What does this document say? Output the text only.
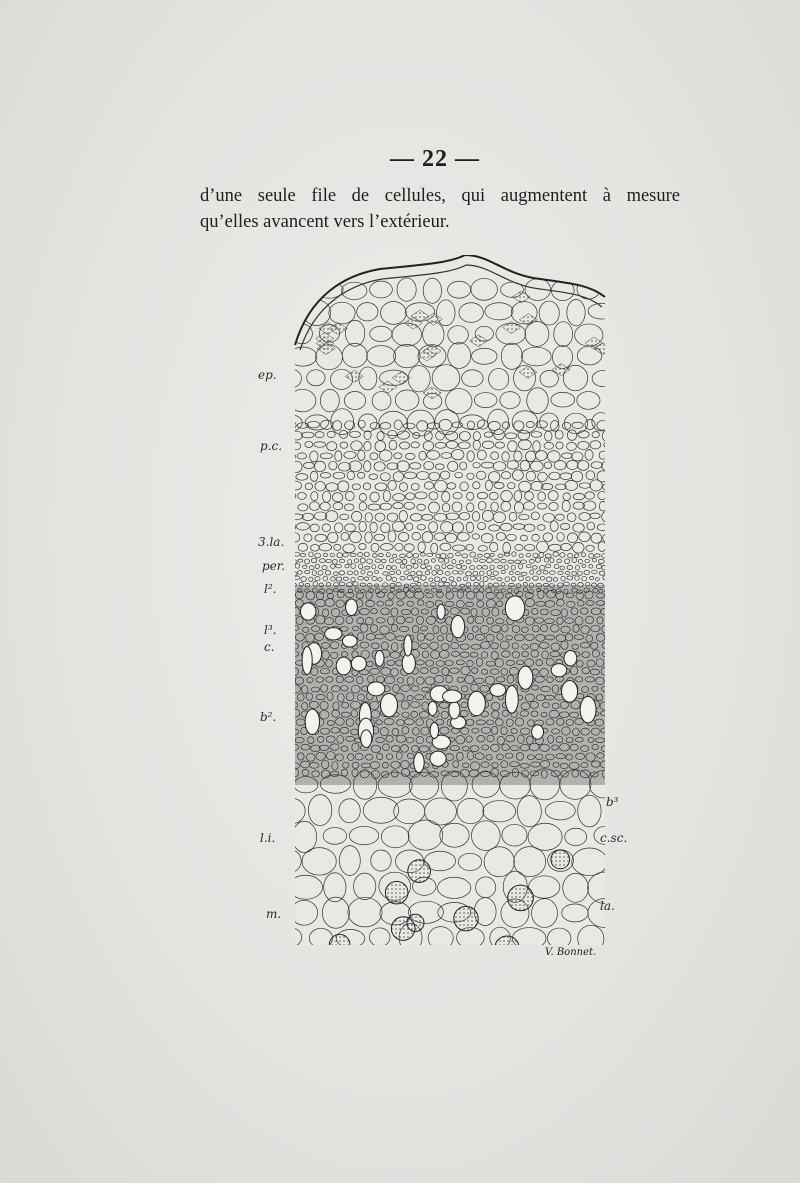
— 22 —
d’une seule file de cellules, qui augmentent à mesure
qu’elles avancent vers l’extérieur.
ep.
p.c.
3.la.
per.
l².
l³.
c.
b².
l.i.
m.
b³
c.sc.
la.
V. Bonnet.
